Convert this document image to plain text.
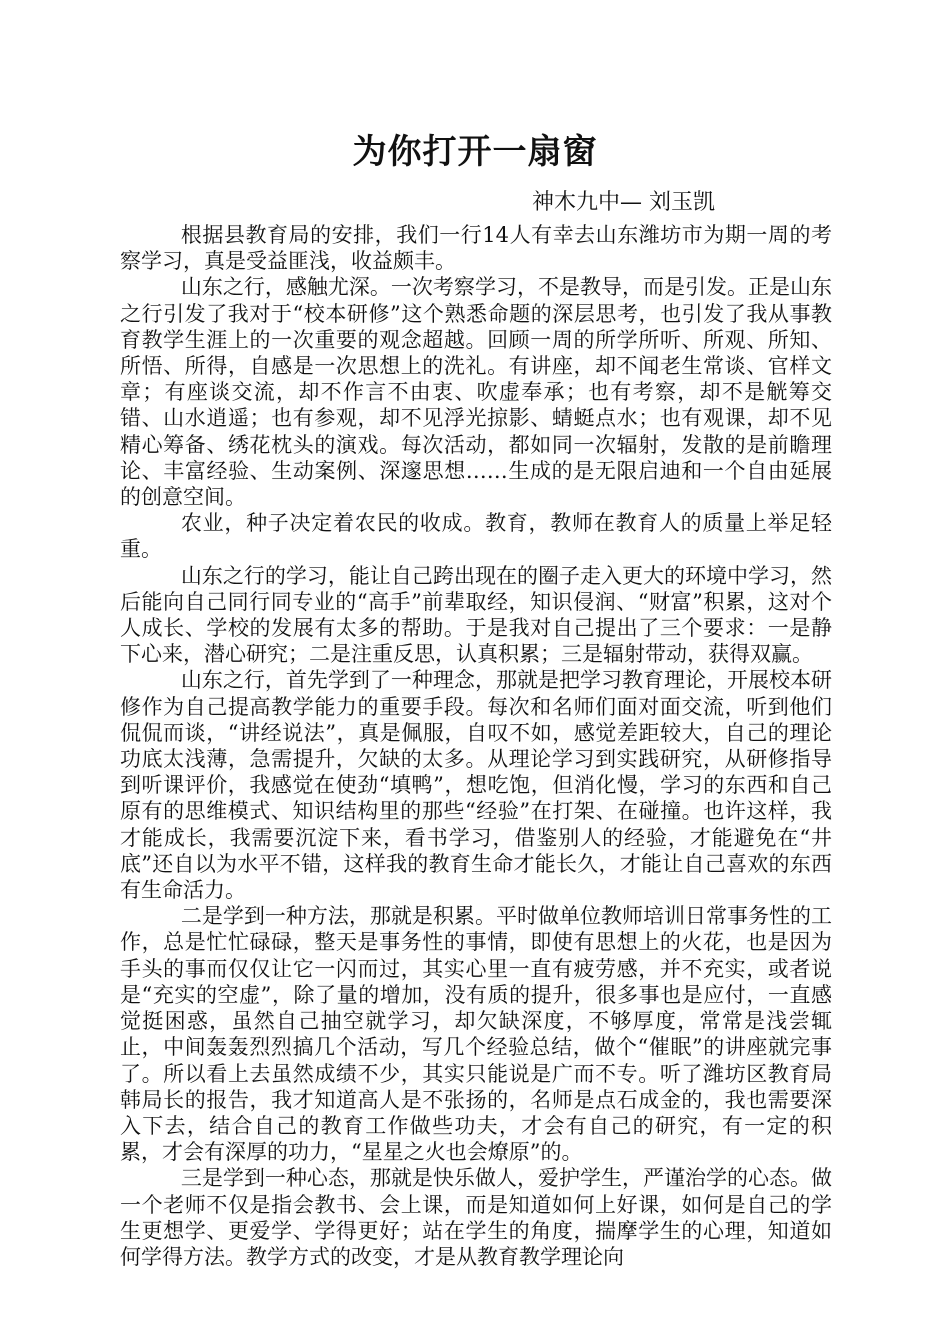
为你打开一扇窗
神木九中— 刘玉凯

根据县教育局的安排，我们一行14人有幸去山东潍坊市为期一周的考察学习，真是受益匪浅，收益颇丰。

山东之行，感触尤深。一次考察学习，不是教导，而是引发。正是山东之行引发了我对于“校本研修”这个熟悉命题的深层思考，也引发了我从事教育教学生涯上的一次重要的观念超越。回顾一周的所学所听、所观、所知、所悟、所得，自感是一次思想上的洗礼。有讲座，却不闻老生常谈、官样文章；有座谈交流，却不作言不由衷、吹虚奉承；也有考察，却不是觥筹交错、山水逍遥；也有参观，却不见浮光掠影、蜻蜓点水；也有观课，却不见精心筹备、绣花枕头的演戏。每次活动，都如同一次辐射，发散的是前瞻理论、丰富经验、生动案例、深邃思想……生成的是无限启迪和一个自由延展的创意空间。

农业，种子决定着农民的收成。教育，教师在教育人的质量上举足轻重。

山东之行的学习，能让自己跨出现在的圈子走入更大的环境中学习，然后能向自己同行同专业的“高手”前辈取经，知识侵润、“财富”积累，这对个人成长、学校的发展有太多的帮助。于是我对自己提出了三个要求：一是静下心来，潜心研究；二是注重反思，认真积累；三是辐射带动，获得双赢。

山东之行，首先学到了一种理念，那就是把学习教育理论，开展校本研修作为自己提高教学能力的重要手段。每次和名师们面对面交流，听到他们侃侃而谈，“讲经说法”，真是佩服，自叹不如，感觉差距较大，自己的理论功底太浅薄，急需提升，欠缺的太多。从理论学习到实践研究，从研修指导到听课评价，我感觉在使劲“填鸭”，想吃饱，但消化慢，学习的东西和自己原有的思维模式、知识结构里的那些“经验”在打架、在碰撞。也许这样，我才能成长，我需要沉淀下来，看书学习，借鉴别人的经验，才能避免在“井底”还自以为水平不错，这样我的教育生命才能长久，才能让自己喜欢的东西有生命活力。

二是学到一种方法，那就是积累。平时做单位教师培训日常事务性的工作，总是忙忙碌碌，整天是事务性的事情，即使有思想上的火花，也是因为手头的事而仅仅让它一闪而过，其实心里一直有疲劳感，并不充实，或者说是“充实的空虚”，除了量的增加，没有质的提升，很多事也是应付，一直感觉挺困惑，虽然自己抽空就学习，却欠缺深度，不够厚度，常常是浅尝辄止，中间轰轰烈烈搞几个活动，写几个经验总结，做个“催眠”的讲座就完事了。所以看上去虽然成绩不少，其实只能说是广而不专。听了潍坊区教育局韩局长的报告，我才知道高人是不张扬的，名师是点石成金的，我也需要深入下去，结合自己的教育工作做些功夫，才会有自己的研究，有一定的积累，才会有深厚的功力，“星星之火也会燎原”的。

三是学到一种心态，那就是快乐做人，爱护学生，严谨治学的心态。做一个老师不仅是指会教书、会上课，而是知道如何上好课，如何是自己的学生更想学、更爱学、学得更好；站在学生的角度，揣摩学生的心理，知道如何学得方法。教学方式的改变，才是从教育教学理论向
